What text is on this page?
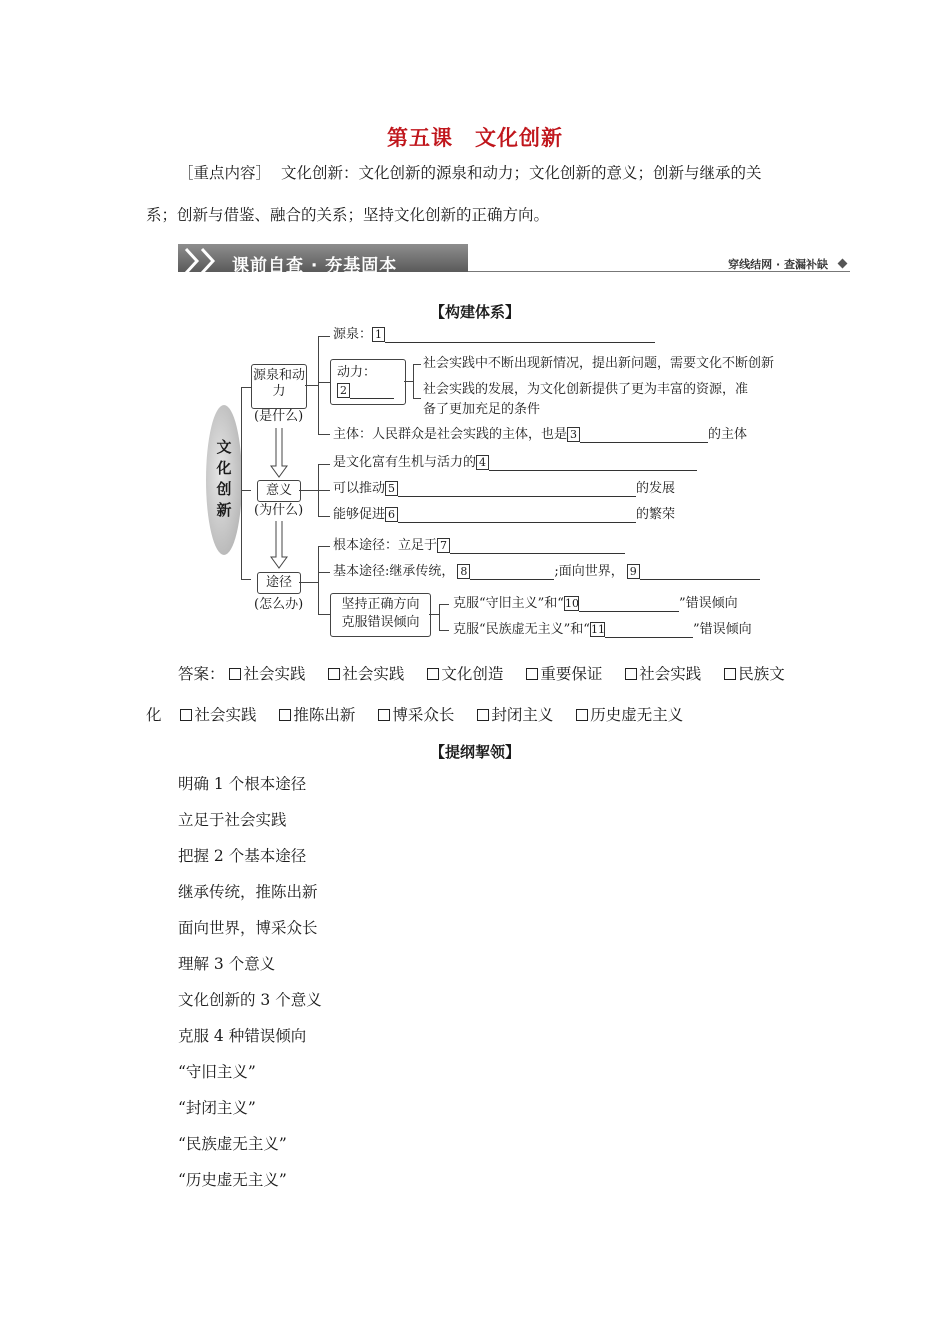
第五课　文化创新
［重点内容］ 文化创新：文化创新的源泉和动力；文化创新的意义；创新与继承的关
系；创新与借鉴、融合的关系；坚持文化创新的正确方向。
课前自查 · 夯基固本	穿线结网 · 查漏补缺
【构建体系】
文化创新
源泉和动力
(是什么)
意义
(为什么)
途径
(怎么办)
源泉： 1
动力：
2
社会实践中不断出现新情况，提出新问题，需要文化不断创新
社会实践的发展，为文化创新提供了更为丰富的资源，准
备了更加充足的条件
主体：人民群众是社会实践的主体，也是 3	的主体
是文化富有生机与活力的 4
可以推动 5	的发展
能够促进 6	的繁荣
根本途径：立足于 7
基本途径:继承传统， 8	;面向世界， 9
坚持正确方向
克服错误倾向
克服“守旧主义”和“10	”错误倾向
克服“民族虚无主义”和“11	”错误倾向
答案： 社会实践 社会实践 文化创造 重要保证 社会实践 民族文
化 社会实践 推陈出新 博采众长 封闭主义 历史虚无主义
【提纲挈领】
明确 1 个根本途径
立足于社会实践
把握 2 个基本途径
继承传统，推陈出新
面向世界，博采众长
理解 3 个意义
文化创新的 3 个意义
克服 4 种错误倾向
“守旧主义”
“封闭主义”
“民族虚无主义”
“历史虚无主义”
